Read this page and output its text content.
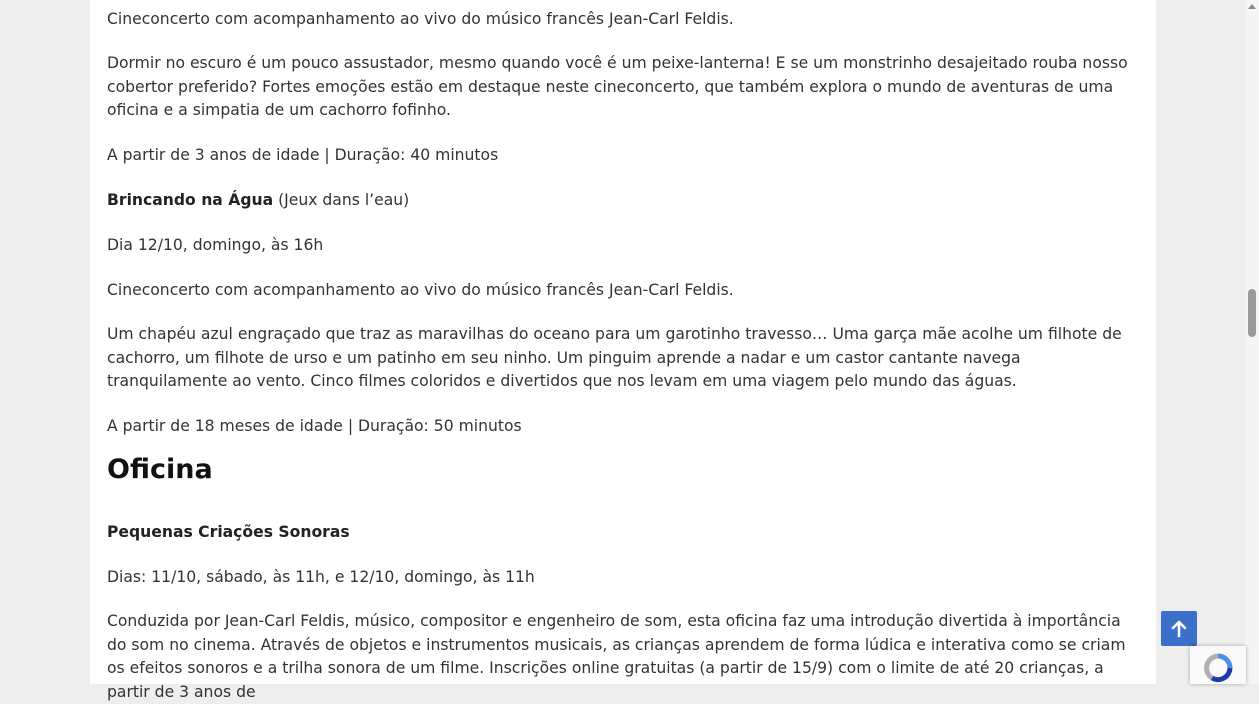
Cineconcerto com acompanhamento ao vivo do músico francês Jean-Carl Feldis.

Dormir no escuro é um pouco assustador, mesmo quando você é um peixe-lanterna! E se um monstrinho desajeitado rouba nosso cobertor preferido? Fortes emoções estão em destaque neste cineconcerto, que também explora o mundo de aventuras de uma oficina e a simpatia de um cachorro fofinho.

A partir de 3 anos de idade | Duração: 40 minutos

Brincando na Água (Jeux dans l’eau)

Dia 12/10, domingo, às 16h

Cineconcerto com acompanhamento ao vivo do músico francês Jean-Carl Feldis.

Um chapéu azul engraçado que traz as maravilhas do oceano para um garotinho travesso… Uma garça mãe acolhe um filhote de cachorro, um filhote de urso e um patinho em seu ninho. Um pinguim aprende a nadar e um castor cantante navega tranquilamente ao vento. Cinco filmes coloridos e divertidos que nos levam em uma viagem pelo mundo das águas.

A partir de 18 meses de idade | Duração: 50 minutos

Oficina

Pequenas Criações Sonoras

Dias: 11/10, sábado, às 11h, e 12/10, domingo, às 11h

Conduzida por Jean-Carl Feldis, músico, compositor e engenheiro de som, esta oficina faz uma introdução divertida à importância do som no cinema. Através de objetos e instrumentos musicais, as crianças aprendem de forma lúdica e interativa como se criam os efeitos sonoros e a trilha sonora de um filme. Inscrições online gratuitas (a partir de 15/9) com o limite de até 20 crianças, a partir de 3 anos de
